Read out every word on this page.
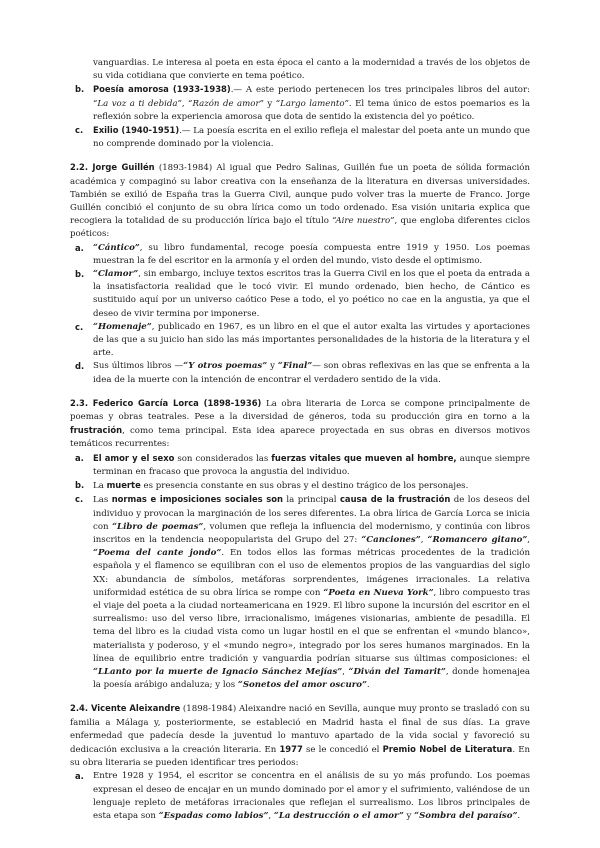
vanguardias. Le interesa al poeta en esta época el canto a la modernidad a través de los objetos de su vida cotidiana que convierte en tema poético.

b. Poesía amorosa (1933-1938).— A este periodo pertenecen los tres principales libros del autor: “La voz a ti debida”, “Razón de amor” y “Largo lamento”. El tema único de estos poemarios es la reflexión sobre la experiencia amorosa que dota de sentido la existencia del yo poético.
c. Exilio (1940-1951).— La poesía escrita en el exilio refleja el malestar del poeta ante un mundo que no comprende dominado por la violencia.

2.2. Jorge Guillén (1893-1984) Al igual que Pedro Salinas, Guillén fue un poeta de sólida formación académica y compaginó su labor creativa con la enseñanza de la literatura en diversas universidades. También se exilió de España tras la Guerra Civil, aunque pudo volver tras la muerte de Franco. Jorge Guillén concibió el conjunto de su obra lírica como un todo ordenado. Esa visión unitaria explica que recogiera la totalidad de su producción lírica bajo el título “Aire nuestro”, que engloba diferentes ciclos poéticos:

a. “Cántico”, su libro fundamental, recoge poesía compuesta entre 1919 y 1950. Los poemas muestran la fe del escritor en la armonía y el orden del mundo, visto desde el optimismo.
b. “Clamor”, sin embargo, incluye textos escritos tras la Guerra Civil en los que el poeta da entrada a la insatisfactoria realidad que le tocó vivir. El mundo ordenado, bien hecho, de Cántico es sustituido aquí por un universo caótico Pese a todo, el yo poético no cae en la angustia, ya que el deseo de vivir termina por imponerse.
c. “Homenaje”, publicado en 1967, es un libro en el que el autor exalta las virtudes y aportaciones de las que a su juicio han sido las más importantes personalidades de la historia de la literatura y el arte.
d. Sus últimos libros —“Y otros poemas” y “Final”— son obras reflexivas en las que se enfrenta a la idea de la muerte con la intención de encontrar el verdadero sentido de la vida.

2.3. Federico García Lorca (1898-1936) La obra literaria de Lorca se compone principalmente de poemas y obras teatrales. Pese a la diversidad de géneros, toda su producción gira en torno a la frustración, como tema principal. Esta idea aparece proyectada en sus obras en diversos motivos temáticos recurrentes:

a. El amor y el sexo son considerados las fuerzas vitales que mueven al hombre, aunque siempre terminan en fracaso que provoca la angustia del individuo.
b. La muerte es presencia constante en sus obras y el destino trágico de los personajes.
c. Las normas e imposiciones sociales son la principal causa de la frustración de los deseos del individuo y provocan la marginación de los seres diferentes. La obra lírica de García Lorca se inicia con “Libro de poemas”, volumen que refleja la influencia del modernismo, y continúa con libros inscritos en la tendencia neopopularista del Grupo del 27: “Canciones”, “Romancero gitano”, “Poema del cante jondo”. En todos ellos las formas métricas procedentes de la tradición española y el flamenco se equilibran con el uso de elementos propios de las vanguardias del siglo XX: abundancia de símbolos, metáforas sorprendentes, imágenes irracionales. La relativa uniformidad estética de su obra lírica se rompe con “Poeta en Nueva York”, libro compuesto tras el viaje del poeta a la ciudad norteamericana en 1929. El libro supone la incursión del escritor en el surrealismo: uso del verso libre, irracionalismo, imágenes visionarias, ambiente de pesadilla. El tema del libro es la ciudad vista como un lugar hostil en el que se enfrentan el «mundo blanco», materialista y poderoso, y el «mundo negro», integrado por los seres humanos marginados. En la línea de equilibrio entre tradición y vanguardia podrían situarse sus últimas composiciones: el “LLanto por la muerte de Ignacio Sánchez Mejías”, “Diván del Tamarit”, donde homenajea la poesía arábigo andaluza; y los “Sonetos del amor oscuro”.

2.4. Vicente Aleixandre (1898-1984) Aleixandre nació en Sevilla, aunque muy pronto se trasladó con su familia a Málaga y, posteriormente, se estableció en Madrid hasta el final de sus días. La grave enfermedad que padecía desde la juventud lo mantuvo apartado de la vida social y favoreció su dedicación exclusiva a la creación literaria. En 1977 se le concedió el Premio Nobel de Literatura. En su obra literaria se pueden identificar tres periodos:

a. Entre 1928 y 1954, el escritor se concentra en el análisis de su yo más profundo. Los poemas expresan el deseo de encajar en un mundo dominado por el amor y el sufrimiento, valiéndose de un lenguaje repleto de metáforas irracionales que reflejan el surrealismo. Los libros principales de esta etapa son “Espadas como labios”, “La destrucción o el amor” y “Sombra del paraíso”.
